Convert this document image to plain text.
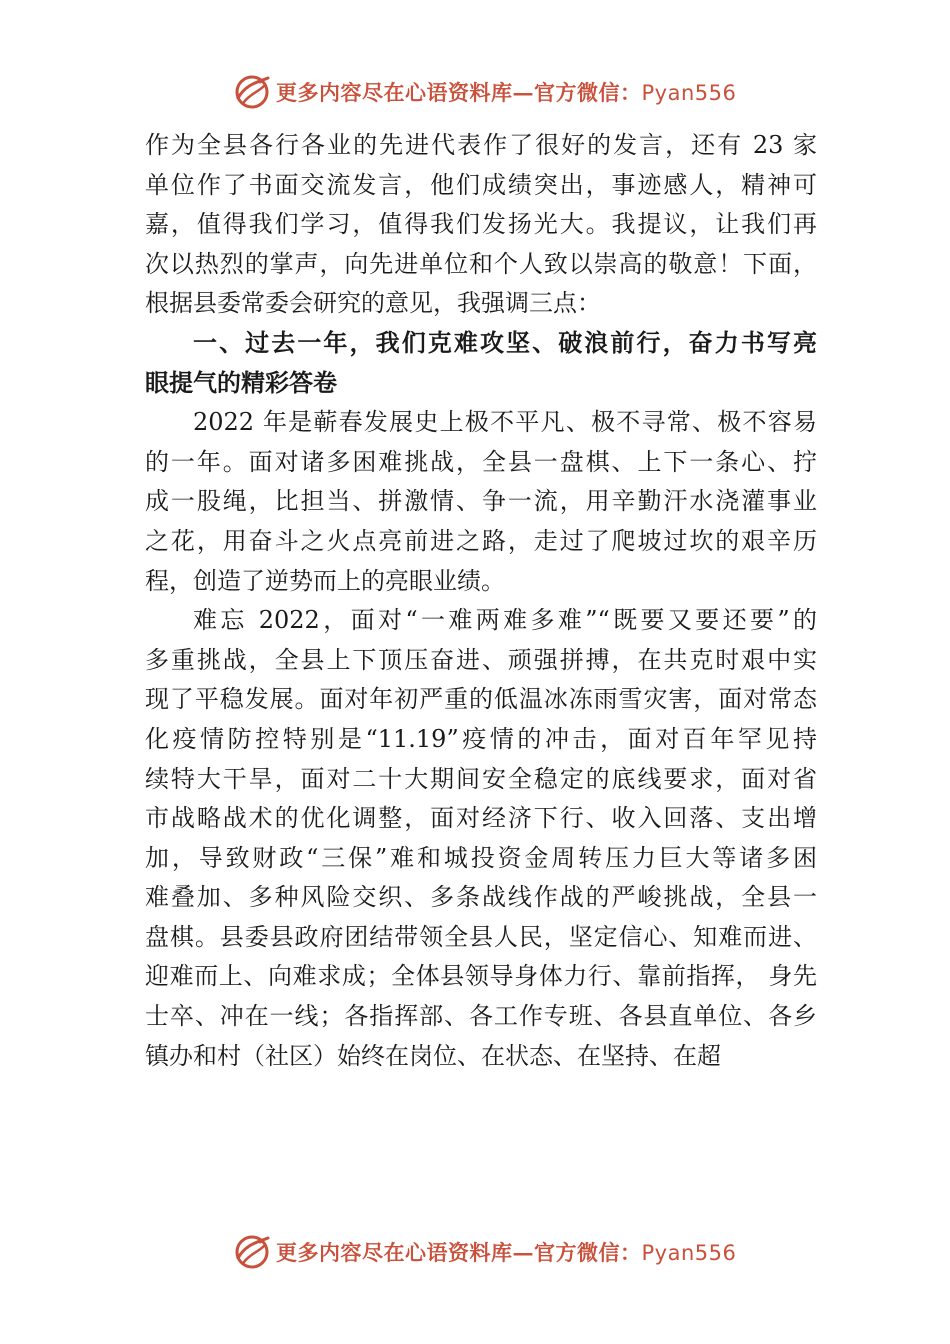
更多内容尽在心语资料库—官方微信：Pyan556
作为全县各行各业的先进代表作了很好的发言，还有 23 家
单位作了书面交流发言，他们成绩突出，事迹感人，精神可
嘉，值得我们学习，值得我们发扬光大。我提议，让我们再
次以热烈的掌声，向先进单位和个人致以崇高的敬意！下面，
根据县委常委会研究的意见，我强调三点：
一、过去一年，我们克难攻坚、破浪前行，奋力书写亮
眼提气的精彩答卷
2022 年是蕲春发展史上极不平凡、极不寻常、极不容易
的一年。面对诸多困难挑战，全县一盘棋、上下一条心、拧
成一股绳，比担当、拼激情、争一流，用辛勤汗水浇灌事业
之花，用奋斗之火点亮前进之路，走过了爬坡过坎的艰辛历
程，创造了逆势而上的亮眼业绩。
难忘 2022，面对“一难两难多难”“既要又要还要”的
多重挑战，全县上下顶压奋进、顽强拼搏，在共克时艰中实
现了平稳发展。面对年初严重的低温冰冻雨雪灾害，面对常态
化疫情防控特别是“11.19”疫情的冲击，面对百年罕见持
续特大干旱，面对二十大期间安全稳定的底线要求，面对省
市战略战术的优化调整，面对经济下行、收入回落、支出增
加，导致财政“三保”难和城投资金周转压力巨大等诸多困
难叠加、多种风险交织、多条战线作战的严峻挑战，全县一
盘棋。县委县政府团结带领全县人民，坚定信心、知难而进、
迎难而上、向难求成；全体县领导身体力行、靠前指挥， 身先
士卒、冲在一线；各指挥部、各工作专班、各县直单位、各乡
镇办和村（社区）始终在岗位、在状态、在坚持、在超
更多内容尽在心语资料库—官方微信：Pyan556
